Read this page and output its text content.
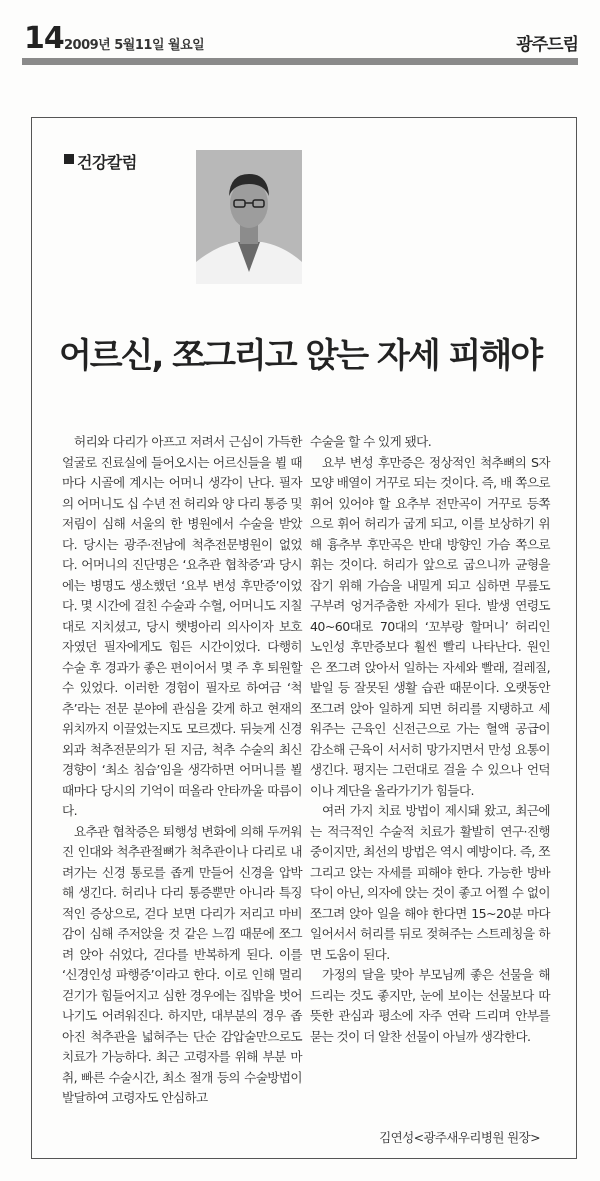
14 2009년 5월11일 월요일	광주드림
건강칼럼
어르신, 쪼그리고 앉는 자세 피해야

허리와 다리가 아프고 저려서 근심이 가득한 얼굴로 진료실에 들어오시는 어르신들을 뵐 때마다 시골에 계시는 어머니 생각이 난다. 필자의 어머니도 십 수년 전 허리와 양 다리 통증 및 저림이 심해 서울의 한 병원에서 수술을 받았다. 당시는 광주·전남에 척추전문병원이 없었다. 어머니의 진단명은 ‘요추관 협착증’과 당시에는 병명도 생소했던 ‘요부 변성 후만증’이었다. 몇 시간에 걸친 수술과 수혈, 어머니도 지칠대로 지치셨고, 당시 햇병아리 의사이자 보호자였던 필자에게도 힘든 시간이었다. 다행히 수술 후 경과가 좋은 편이어서 몇 주 후 퇴원할 수 있었다. 이러한 경험이 필자로 하여금 ‘척추’라는 전문 분야에 관심을 갖게 하고 현재의 위치까지 이끌었는지도 모르겠다. 뒤늦게 신경외과 척추전문의가 된 지금, 척추 수술의 최신 경향이 ‘최소 침습’임을 생각하면 어머니를 뵐 때마다 당시의 기억이 떠올라 안타까울 따름이다.

요추관 협착증은 퇴행성 변화에 의해 두꺼워진 인대와 척추관절뼈가 척추관이나 다리로 내려가는 신경 통로를 좁게 만들어 신경을 압박해 생긴다. 허리나 다리 통증뿐만 아니라 특징적인 증상으로, 걷다 보면 다리가 저리고 마비감이 심해 주저앉을 것 같은 느낌 때문에 쪼그려 앉아 쉬었다, 걷다를 반복하게 된다. 이를 ‘신경인성 파행증’이라고 한다. 이로 인해 멀리 걷기가 힘들어지고 심한 경우에는 집밖을 벗어나기도 어려워진다. 하지만, 대부분의 경우 좁아진 척추관을 넓혀주는 단순 감압술만으로도 치료가 가능하다. 최근 고령자를 위해 부분 마취, 빠른 수술시간, 최소 절개 등의 수술방법이 발달하여 고령자도 안심하고

수술을 할 수 있게 됐다.

요부 변성 후만증은 정상적인 척추뼈의 S자 모양 배열이 거꾸로 되는 것이다. 즉, 배 쪽으로 휘어 있어야 할 요추부 전만곡이 거꾸로 등쪽으로 휘어 허리가 굽게 되고, 이를 보상하기 위해 흉추부 후만곡은 반대 방향인 가슴 쪽으로 휘는 것이다. 허리가 앞으로 굽으니까 균형을 잡기 위해 가슴을 내밀게 되고 심하면 무릎도 구부려 엉거주춤한 자세가 된다. 발생 연령도 40~60대로 70대의 ‘꼬부랑 할머니’ 허리인 노인성 후만증보다 훨씬 빨리 나타난다. 원인은 쪼그려 앉아서 일하는 자세와 빨래, 걸레질, 밭일 등 잘못된 생활 습관 때문이다. 오랫동안 쪼그려 앉아 일하게 되면 허리를 지탱하고 세워주는 근육인 신전근으로 가는 혈액 공급이 감소해 근육이 서서히 망가지면서 만성 요통이 생긴다. 평지는 그런대로 걸을 수 있으나 언덕이나 계단을 올라가기가 힘들다.

여러 가지 치료 방법이 제시돼 왔고, 최근에는 적극적인 수술적 치료가 활발히 연구·진행 중이지만, 최선의 방법은 역시 예방이다. 즉, 쪼그리고 앉는 자세를 피해야 한다. 가능한 방바닥이 아닌, 의자에 앉는 것이 좋고 어쩔 수 없이 쪼그려 앉아 일을 해야 한다면 15~20분 마다 일어서서 허리를 뒤로 젖혀주는 스트레칭을 하면 도움이 된다.

가정의 달을 맞아 부모님께 좋은 선물을 해드리는 것도 좋지만, 눈에 보이는 선물보다 따뜻한 관심과 평소에 자주 연락 드리며 안부를 묻는 것이 더 알찬 선물이 아닐까 생각한다.

김연성<광주새우리병원 원장>
